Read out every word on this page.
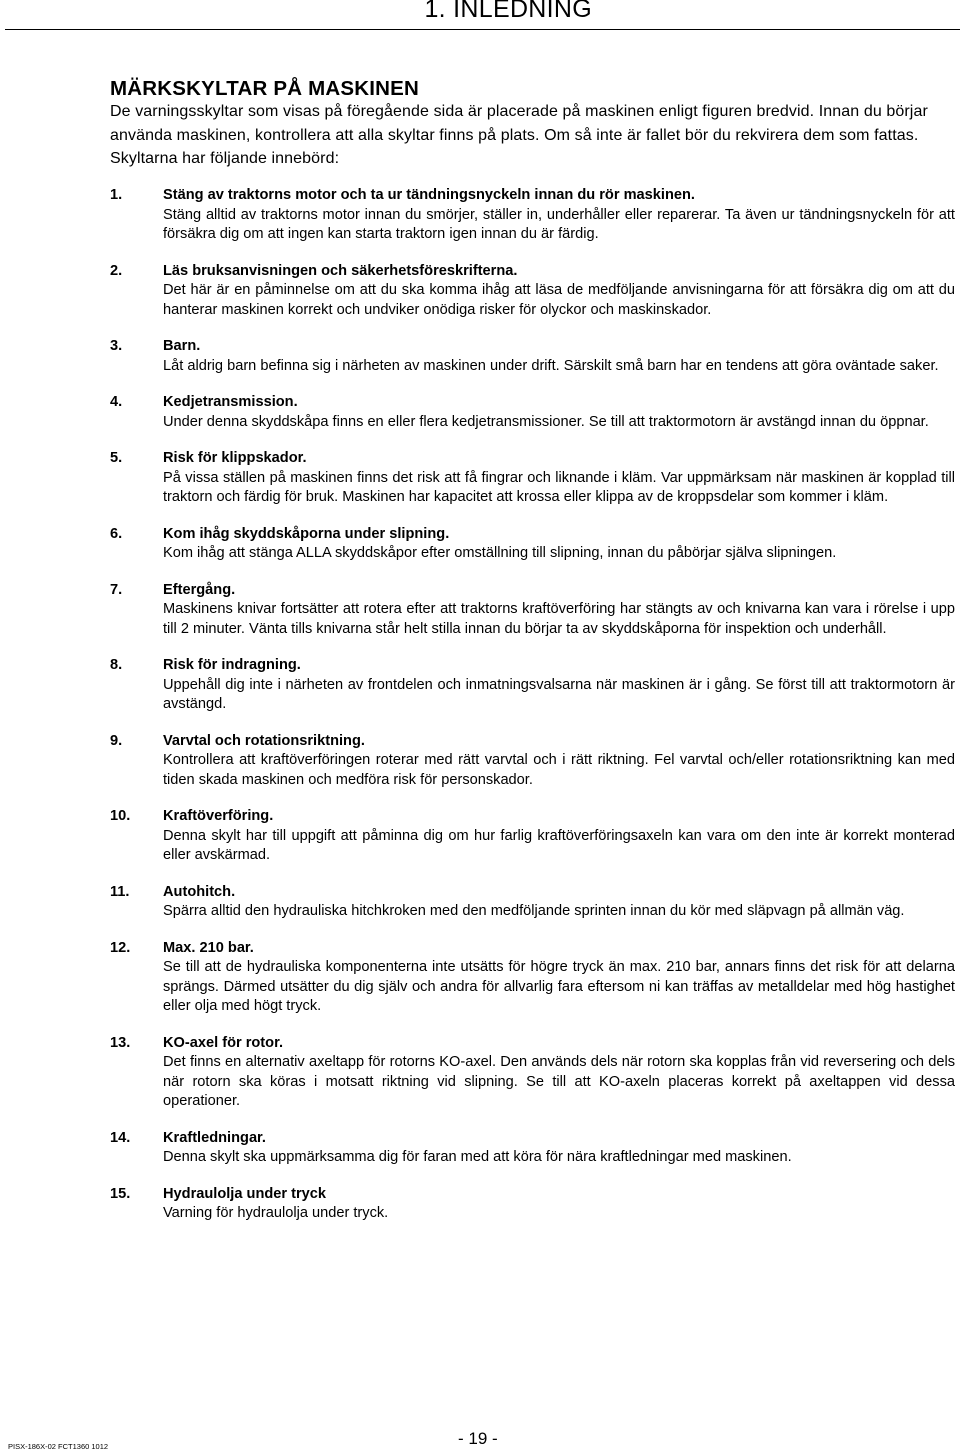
1. INLEDNING
MÄRKSKYLTAR PÅ MASKINEN
De varningsskyltar som visas på föregående sida är placerade på maskinen enligt figuren bredvid. Innan du börjar använda maskinen, kontrollera att alla skyltar finns på plats. Om så inte är fallet bör du rekvirera dem som fattas. Skyltarna har följande innebörd:
1.	Stäng av traktorns motor och ta ur tändningsnyckeln innan du rör maskinen.
Stäng alltid av traktorns motor innan du smörjer, ställer in, underhåller eller reparerar. Ta även ur tändningsnyckeln för att försäkra dig om att ingen kan starta traktorn igen innan du är färdig.
2.	Läs bruksanvisningen och säkerhetsföreskrifterna.
Det här är en påminnelse om att du ska komma ihåg att läsa de medföljande anvisningarna för att försäkra dig om att du hanterar maskinen korrekt och undviker onödiga risker för olyckor och maskinskador.
3.	Barn.
Låt aldrig barn befinna sig i närheten av maskinen under drift. Särskilt små barn har en tendens att göra oväntade saker.
4.	Kedjetransmission.
Under denna skyddskåpa finns en eller flera kedjetransmissioner. Se till att traktormotorn är avstängd innan du öppnar.
5.	Risk för klippskador.
På vissa ställen på maskinen finns det risk att få fingrar och liknande i kläm. Var uppmärksam när maskinen är kopplad till traktorn och färdig för bruk. Maskinen har kapacitet att krossa eller klippa av de kroppsdelar som kommer i kläm.
6.	Kom ihåg skyddskåporna under slipning.
Kom ihåg att stänga ALLA skyddskåpor efter omställning till slipning, innan du påbörjar själva slipningen.
7.	Eftergång.
Maskinens knivar fortsätter att rotera efter att traktorns kraftöverföring har stängts av och knivarna kan vara i rörelse i upp till 2 minuter. Vänta tills knivarna står helt stilla innan du börjar ta av skyddskåporna för inspektion och underhåll.
8.	Risk för indragning.
Uppehåll dig inte i närheten av frontdelen och inmatningsvalsarna när maskinen är i gång. Se först till att traktormotorn är avstängd.
9.	Varvtal och rotationsriktning.
Kontrollera att kraftöverföringen roterar med rätt varvtal och i rätt riktning. Fel varvtal och/eller rotationsriktning kan med tiden skada maskinen och medföra risk för personskador.
10. Kraftöverföring.
Denna skylt har till uppgift att påminna dig om hur farlig kraftöverföringsaxeln kan vara om den inte är korrekt monterad eller avskärmad.
11. Autohitch.
Spärra alltid den hydrauliska hitchkroken med den medföljande sprinten innan du kör med släpvagn på allmän väg.
12. Max. 210 bar.
Se till att de hydrauliska komponenterna inte utsätts för högre tryck än max. 210 bar, annars finns det risk för att delarna sprängs. Därmed utsätter du dig själv och andra för allvarlig fara eftersom ni kan träffas av metalldelar med hög hastighet eller olja med högt tryck.
13. KO-axel för rotor.
Det finns en alternativ axeltapp för rotorns KO-axel. Den används dels när rotorn ska kopplas från vid reversering och dels när rotorn ska köras i motsatt riktning vid slipning. Se till att KO-axeln placeras korrekt på axeltappen vid dessa operationer.
14. Kraftledningar.
Denna skylt ska uppmärksamma dig för faran med att köra för nära kraftledningar med maskinen.
15. Hydraulolja under tryck
Varning för hydraulolja under tryck.
PISX-186X-02 FCT1360 1012	- 19 -
